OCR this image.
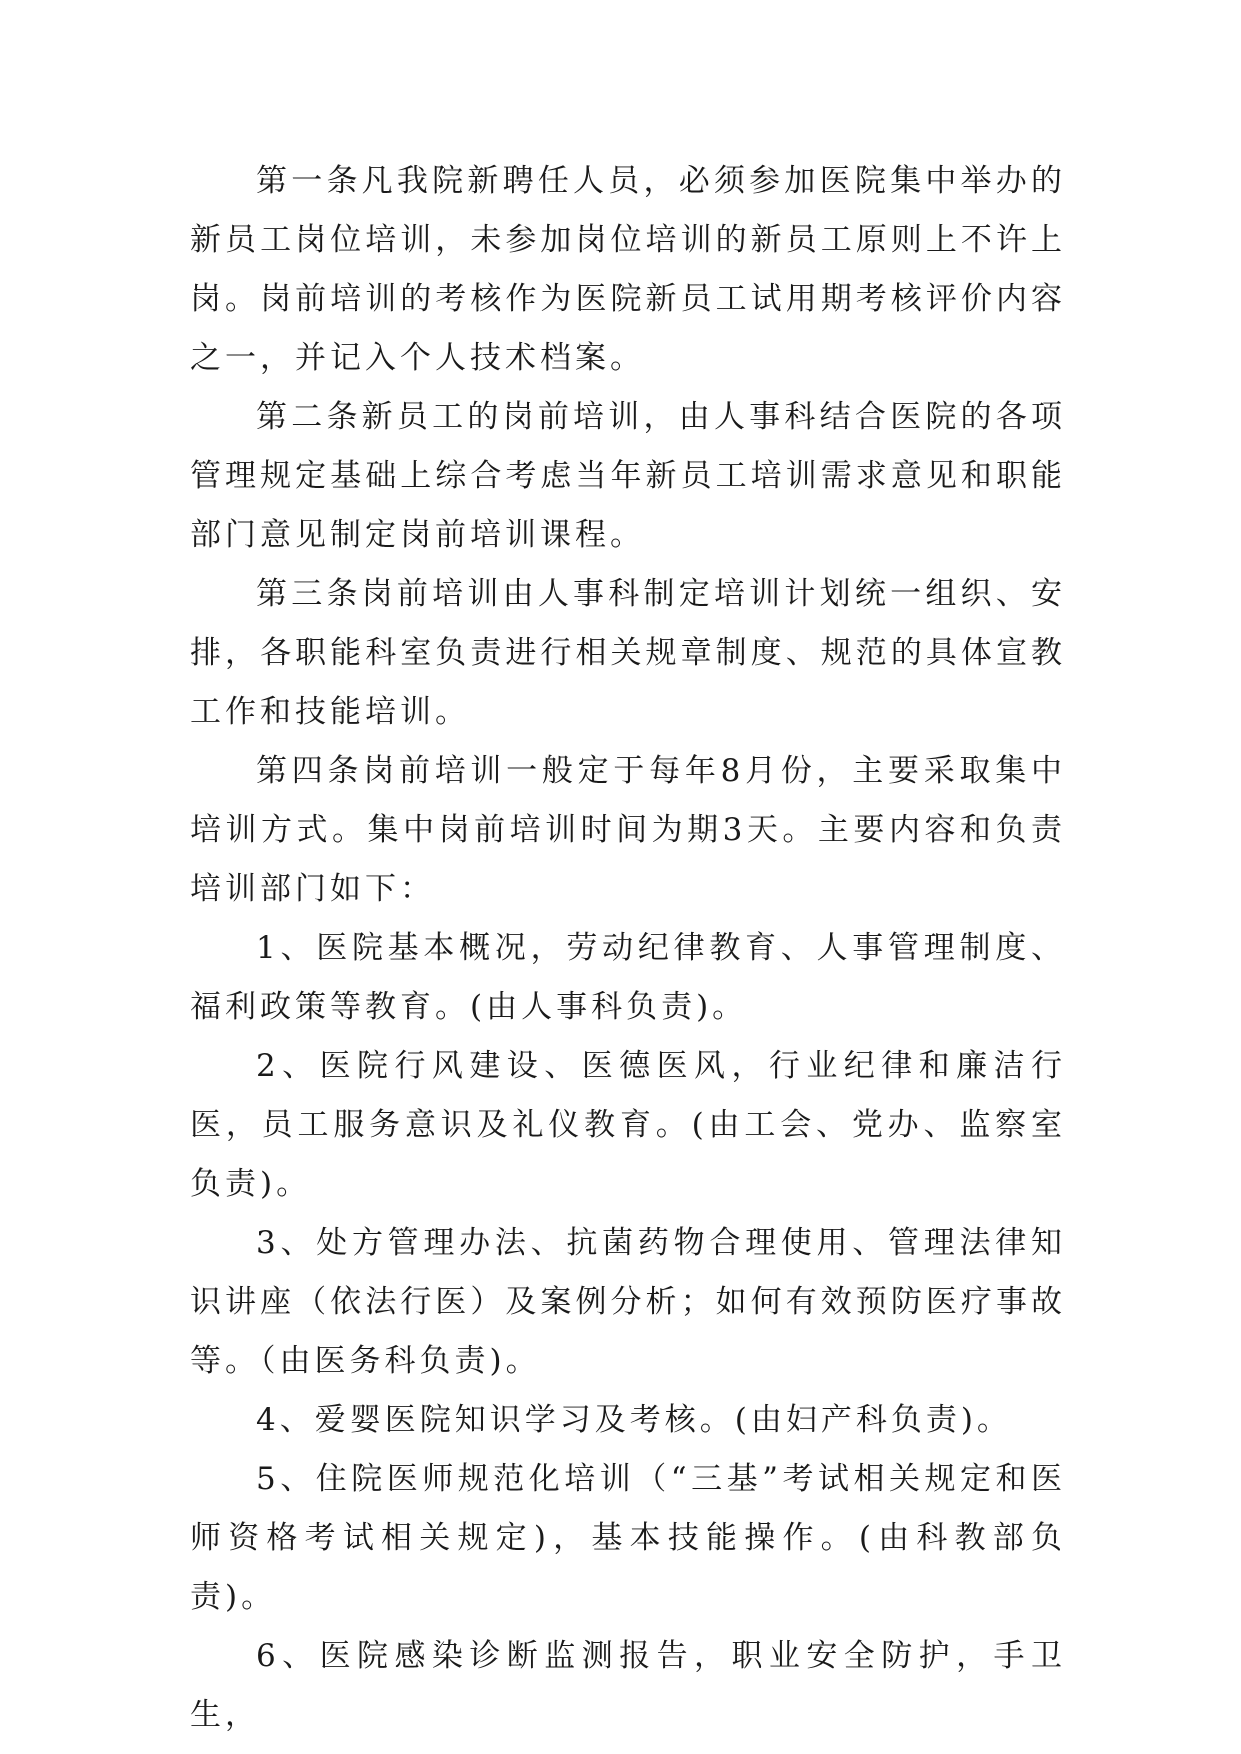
第一条凡我院新聘任人员，必须参加医院集中举办的新员工岗位培训，未参加岗位培训的新员工原则上不许上岗。岗前培训的考核作为医院新员工试用期考核评价内容之一，并记入个人技术档案。

第二条新员工的岗前培训，由人事科结合医院的各项管理规定基础上综合考虑当年新员工培训需求意见和职能部门意见制定岗前培训课程。

第三条岗前培训由人事科制定培训计划统一组织、安排，各职能科室负责进行相关规章制度、规范的具体宣教工作和技能培训。

第四条岗前培训一般定于每年8月份，主要采取集中培训方式。集中岗前培训时间为期3天。主要内容和负责培训部门如下：

1、医院基本概况，劳动纪律教育、人事管理制度、福利政策等教育。(由人事科负责)。

2、医院行风建设、医德医风，行业纪律和廉洁行医，员工服务意识及礼仪教育。(由工会、党办、监察室负责)。

3、处方管理办法、抗菌药物合理使用、管理法律知识讲座（依法行医）及案例分析；如何有效预防医疗事故等。（由医务科负责)。

4、爱婴医院知识学习及考核。(由妇产科负责)。

5、住院医师规范化培训（“三基”考试相关规定和医师资格考试相关规定)，基本技能操作。(由科教部负责)。

6、医院感染诊断监测报告，职业安全防护，手卫生，
